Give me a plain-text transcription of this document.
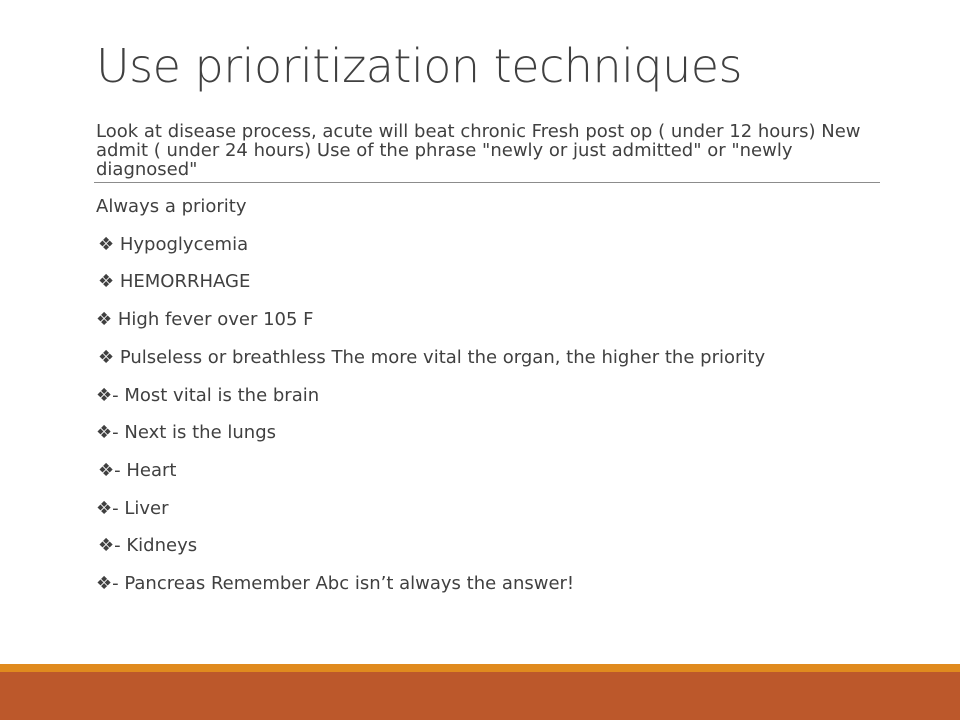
Use prioritization techniques
Look at disease process, acute will beat chronic Fresh post op ( under 12 hours) New admit ( under 24 hours) Use of the phrase "newly or just admitted" or "newly diagnosed"
Always a priority
❖ Hypoglycemia
❖ HEMORRHAGE
❖ High fever over 105 F
❖ Pulseless or breathless The more vital the organ, the higher the priority
❖- Most vital is the brain
❖- Next is the lungs
❖- Heart
❖- Liver
❖- Kidneys
❖- Pancreas Remember Abc isn’t always the answer!
